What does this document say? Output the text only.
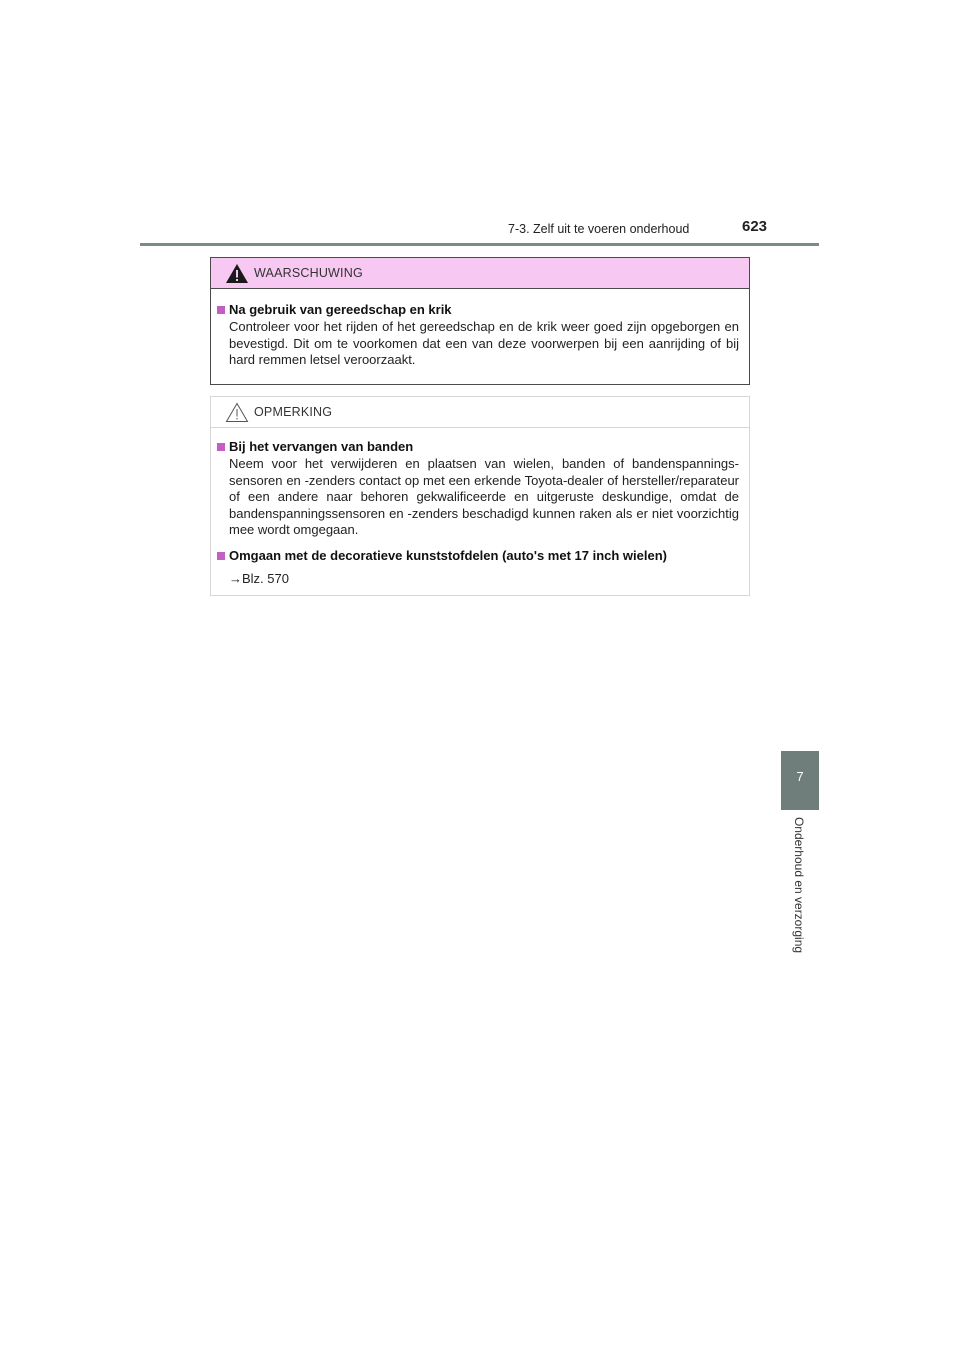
7-3. Zelf uit te voeren onderhoud	623
7
Onderhoud en verzorging
WAARSCHUWING
Na gebruik van gereedschap en krik
Controleer voor het rijden of het gereedschap en de krik weer goed zijn opgeborgen en bevestigd. Dit om te voorkomen dat een van deze voorwerpen bij een aanrijding of bij hard remmen letsel veroorzaakt.
OPMERKING
Bij het vervangen van banden
Neem voor het verwijderen en plaatsen van wielen, banden of bandenspannings-sensoren en -zenders contact op met een erkende Toyota-dealer of hersteller/reparateur of een andere naar behoren gekwalificeerde en uitgeruste deskundige, omdat de bandenspanningssensoren en -zenders beschadigd kunnen raken als er niet voorzichtig mee wordt omgegaan.
Omgaan met de decoratieve kunststofdelen (auto's met 17 inch wielen)
→Blz. 570
